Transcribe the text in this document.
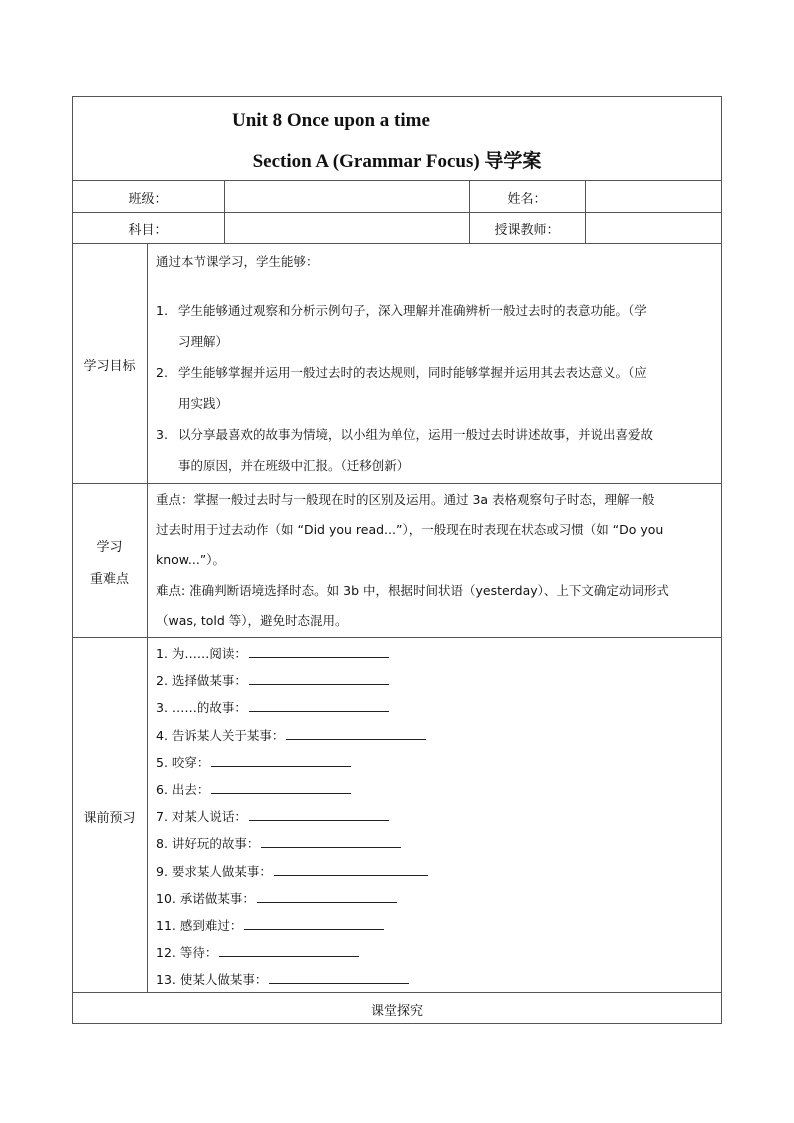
Unit 8 Once upon a time
Section A (Grammar Focus) 导学案
班级：	姓名：
科目：	授课教师：
学习目标
通过本节课学习，学生能够：
1. 学生能够通过观察和分析示例句子，深入理解并准确辨析一般过去时的表意功能。（学
习理解）
2. 学生能够掌握并运用一般过去时的表达规则，同时能够掌握并运用其去表达意义。（应
用实践）
3. 以分享最喜欢的故事为情境，以小组为单位，运用一般过去时讲述故事，并说出喜爱故
事的原因，并在班级中汇报。（迁移创新）
学习
重难点
重点：掌握一般过去时与一般现在时的区别及运用。通过 3a 表格观察句子时态，理解一般
过去时用于过去动作（如 “Did you read...”），一般现在时表现在状态或习惯（如 “Do you
know...”）。
难点: 准确判断语境选择时态。如 3b 中，根据时间状语（yesterday）、上下文确定动词形式
（was, told 等），避免时态混用。
课前预习
1. 为……阅读：
2. 选择做某事：
3. ……的故事：
4. 告诉某人关于某事：
5. 咬穿：
6. 出去：
7. 对某人说话：
8. 讲好玩的故事：
9. 要求某人做某事：
10. 承诺做某事：
11. 感到难过：
12. 等待：
13. 使某人做某事：
课堂探究
